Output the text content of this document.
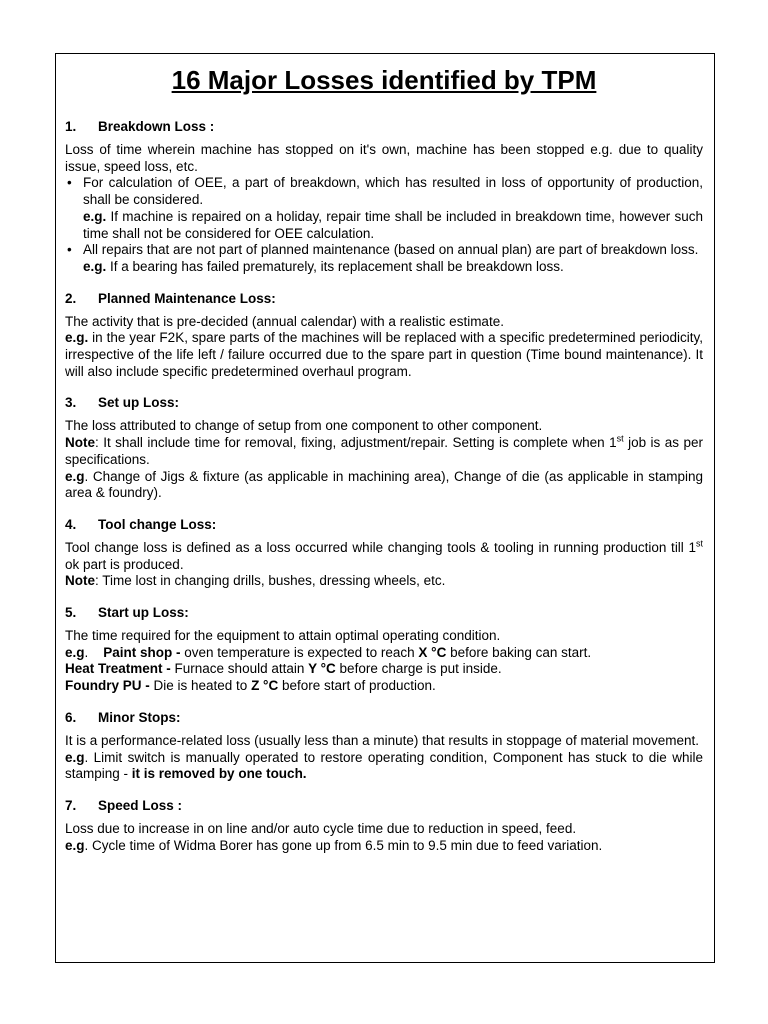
16 Major Losses identified by TPM
1. Breakdown Loss :

Loss of time wherein machine has stopped on it's own, machine has been stopped e.g. due to quality issue, speed loss, etc.

• For calculation of OEE, a part of breakdown, which has resulted in loss of opportunity of production, shall be considered.
e.g. If machine is repaired on a holiday, repair time shall be included in breakdown time, however such time shall not be considered for OEE calculation.
• All repairs that are not part of planned maintenance (based on annual plan) are part of breakdown loss.
e.g. If a bearing has failed prematurely, its replacement shall be breakdown loss.
2. Planned Maintenance Loss:

The activity that is pre-decided (annual calendar) with a realistic estimate.

e.g. in the year F2K, spare parts of the machines will be replaced with a specific predetermined periodicity, irrespective of the life left / failure occurred due to the spare part in question (Time bound maintenance). It will also include specific predetermined overhaul program.

3. Set up Loss:

The loss attributed to change of setup from one component to other component.

Note: It shall include time for removal, fixing, adjustment/repair. Setting is complete when 1st job is as per specifications.

e.g. Change of Jigs & fixture (as applicable in machining area), Change of die (as applicable in stamping area & foundry).

4. Tool change Loss:

Tool change loss is defined as a loss occurred while changing tools & tooling in running production till 1st ok part is produced.

Note: Time lost in changing drills, bushes, dressing wheels, etc.

5. Start up Loss:

The time required for the equipment to attain optimal operating condition.

e.g.    Paint shop - oven temperature is expected to reach X °C before baking can start.

Heat Treatment - Furnace should attain Y °C before charge is put inside.

Foundry PU - Die is heated to Z °C before start of production.

6. Minor Stops:

It is a performance-related loss (usually less than a minute) that results in stoppage of material movement.

e.g. Limit switch is manually operated to restore operating condition, Component has stuck to die while stamping - it is removed by one touch.

7. Speed Loss :

Loss due to increase in on line and/or auto cycle time due to reduction in speed, feed.

e.g. Cycle time of Widma Borer has gone up from 6.5 min to 9.5 min due to feed variation.
